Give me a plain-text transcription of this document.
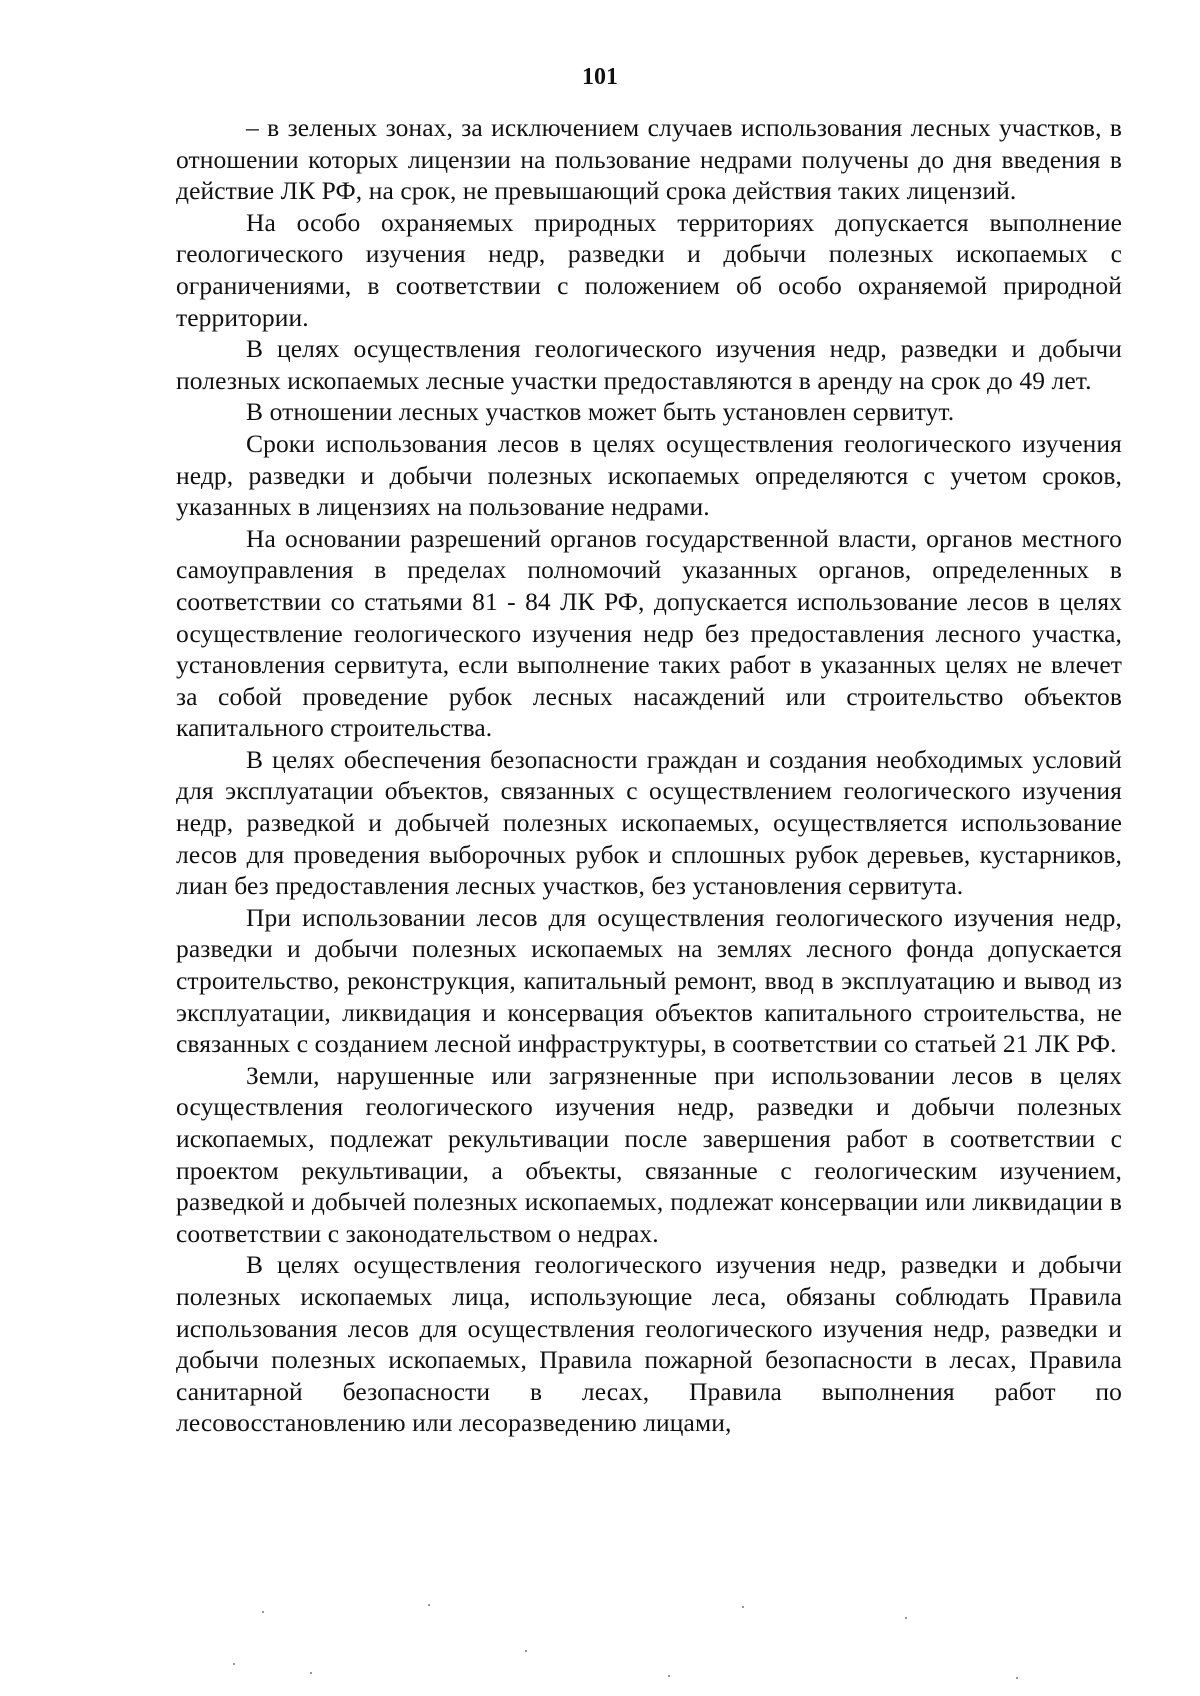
101

– в зеленых зонах, за исключением случаев использования лесных участков, в отношении которых лицензии на пользование недрами получены до дня введения в действие ЛК РФ, на срок, не превышающий срока действия таких лицензий.

На особо охраняемых природных территориях допускается выполнение геологического изучения недр, разведки и добычи полезных ископаемых с ограничениями, в соответствии с положением об особо охраняемой природной территории.

В целях осуществления геологического изучения недр, разведки и добычи полезных ископаемых лесные участки предоставляются в аренду на срок до 49 лет.

В отношении лесных участков может быть установлен сервитут.

Сроки использования лесов в целях осуществления геологического изучения недр, разведки и добычи полезных ископаемых определяются с учетом сроков, указанных в лицензиях на пользование недрами.

На основании разрешений органов государственной власти, органов местного самоуправления в пределах полномочий указанных органов, определенных в соответствии со статьями 81 - 84 ЛК РФ, допускается использование лесов в целях осуществление геологического изучения недр без предоставления лесного участка, установления сервитута, если выполнение таких работ в указанных целях не влечет за собой проведение рубок лесных насаждений или строительство объектов капитального строительства.

В целях обеспечения безопасности граждан и создания необходимых условий для эксплуатации объектов, связанных с осуществлением геологического изучения недр, разведкой и добычей полезных ископаемых, осуществляется использование лесов для проведения выборочных рубок и сплошных рубок деревьев, кустарников, лиан без предоставления лесных участков, без установления сервитута.

При использовании лесов для осуществления геологического изучения недр, разведки и добычи полезных ископаемых на землях лесного фонда допускается строительство, реконструкция, капитальный ремонт, ввод в эксплуатацию и вывод из эксплуатации, ликвидация и консервация объектов капитального строительства, не связанных с созданием лесной инфраструктуры, в соответствии со статьей 21 ЛК РФ.

Земли, нарушенные или загрязненные при использовании лесов в целях осуществления геологического изучения недр, разведки и добычи полезных ископаемых, подлежат рекультивации после завершения работ в соответствии с проектом рекультивации, а объекты, связанные с геологическим изучением, разведкой и добычей полезных ископаемых, подлежат консервации или ликвидации в соответствии с законодательством о недрах.

В целях осуществления геологического изучения недр, разведки и добычи полезных ископаемых лица, использующие леса, обязаны соблюдать Правила использования лесов для осуществления геологического изучения недр, разведки и добычи полезных ископаемых, Правила пожарной безопасности в лесах, Правила санитарной безопасности в лесах, Правила выполнения работ по лесовосстановлению или лесоразведению лицами,
